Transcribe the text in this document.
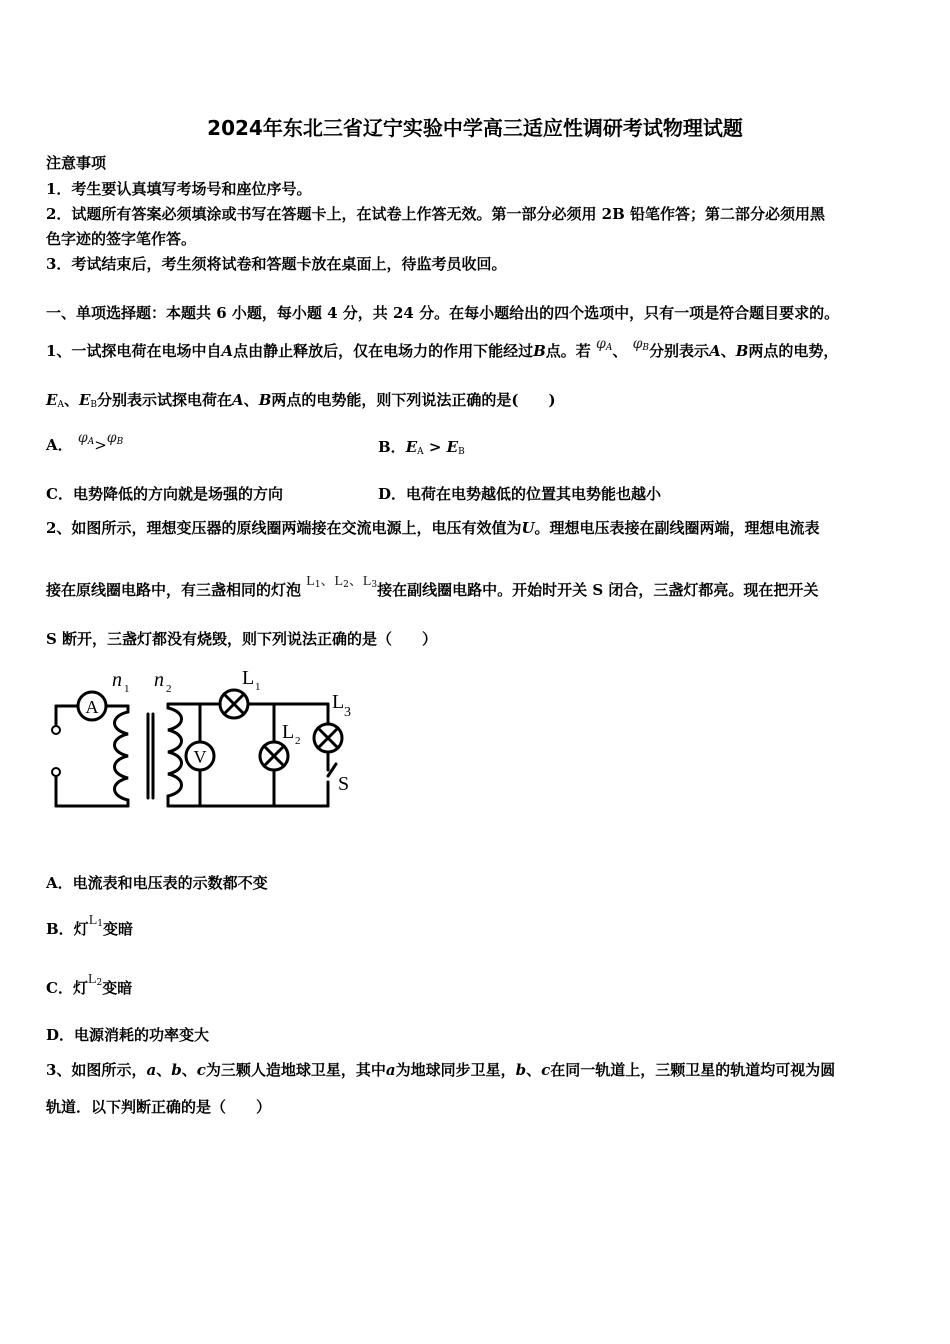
2024年东北三省辽宁实验中学高三适应性调研考试物理试题
注意事项
1．考生要认真填写考场号和座位序号。
2．试题所有答案必须填涂或书写在答题卡上，在试卷上作答无效。第一部分必须用 2B 铅笔作答；第二部分必须用黑
色字迹的签字笔作答。
3．考试结束后，考生须将试卷和答题卡放在桌面上，待监考员收回。
一、单项选择题：本题共 6 小题，每小题 4 分，共 24 分。在每小题给出的四个选项中，只有一项是符合题目要求的。
1、一试探电荷在电场中自A点由静止释放后，仅在电场力的作用下能经过B点。若 $\varphi_A$、 $\varphi_B$分别表示A、B两点的电势，
$E_A$、$E_B$分别表示试探电荷在A、B两点的电势能，则下列说法正确的是(　　)
A． $\varphi_A>\varphi_B$	B．$E_A > E_B$
C．电势降低的方向就是场强的方向	D．电荷在电势越低的位置其电势能也越小
2、如图所示，理想变压器的原线圈两端接在交流电源上，电压有效值为U。理想电压表接在副线圈两端，理想电流表
接在原线圈电路中，有三盏相同的灯泡 $L_1$、$L_2$、$L_3$接在副线圈电路中。开始时开关 S 闭合，三盏灯都亮。现在把开关
S 断开，三盏灯都没有烧毁，则下列说法正确的是（　　）
A
V
n 1 n 2	L 1
L 2
L 3
S
A．电流表和电压表的示数都不变
B．灯$L_1$变暗
C．灯$L_2$变暗
D．电源消耗的功率变大
3、如图所示，a、b、c为三颗人造地球卫星，其中a为地球同步卫星，b、c在同一轨道上，三颗卫星的轨道均可视为圆
轨道．以下判断正确的是（　　）
